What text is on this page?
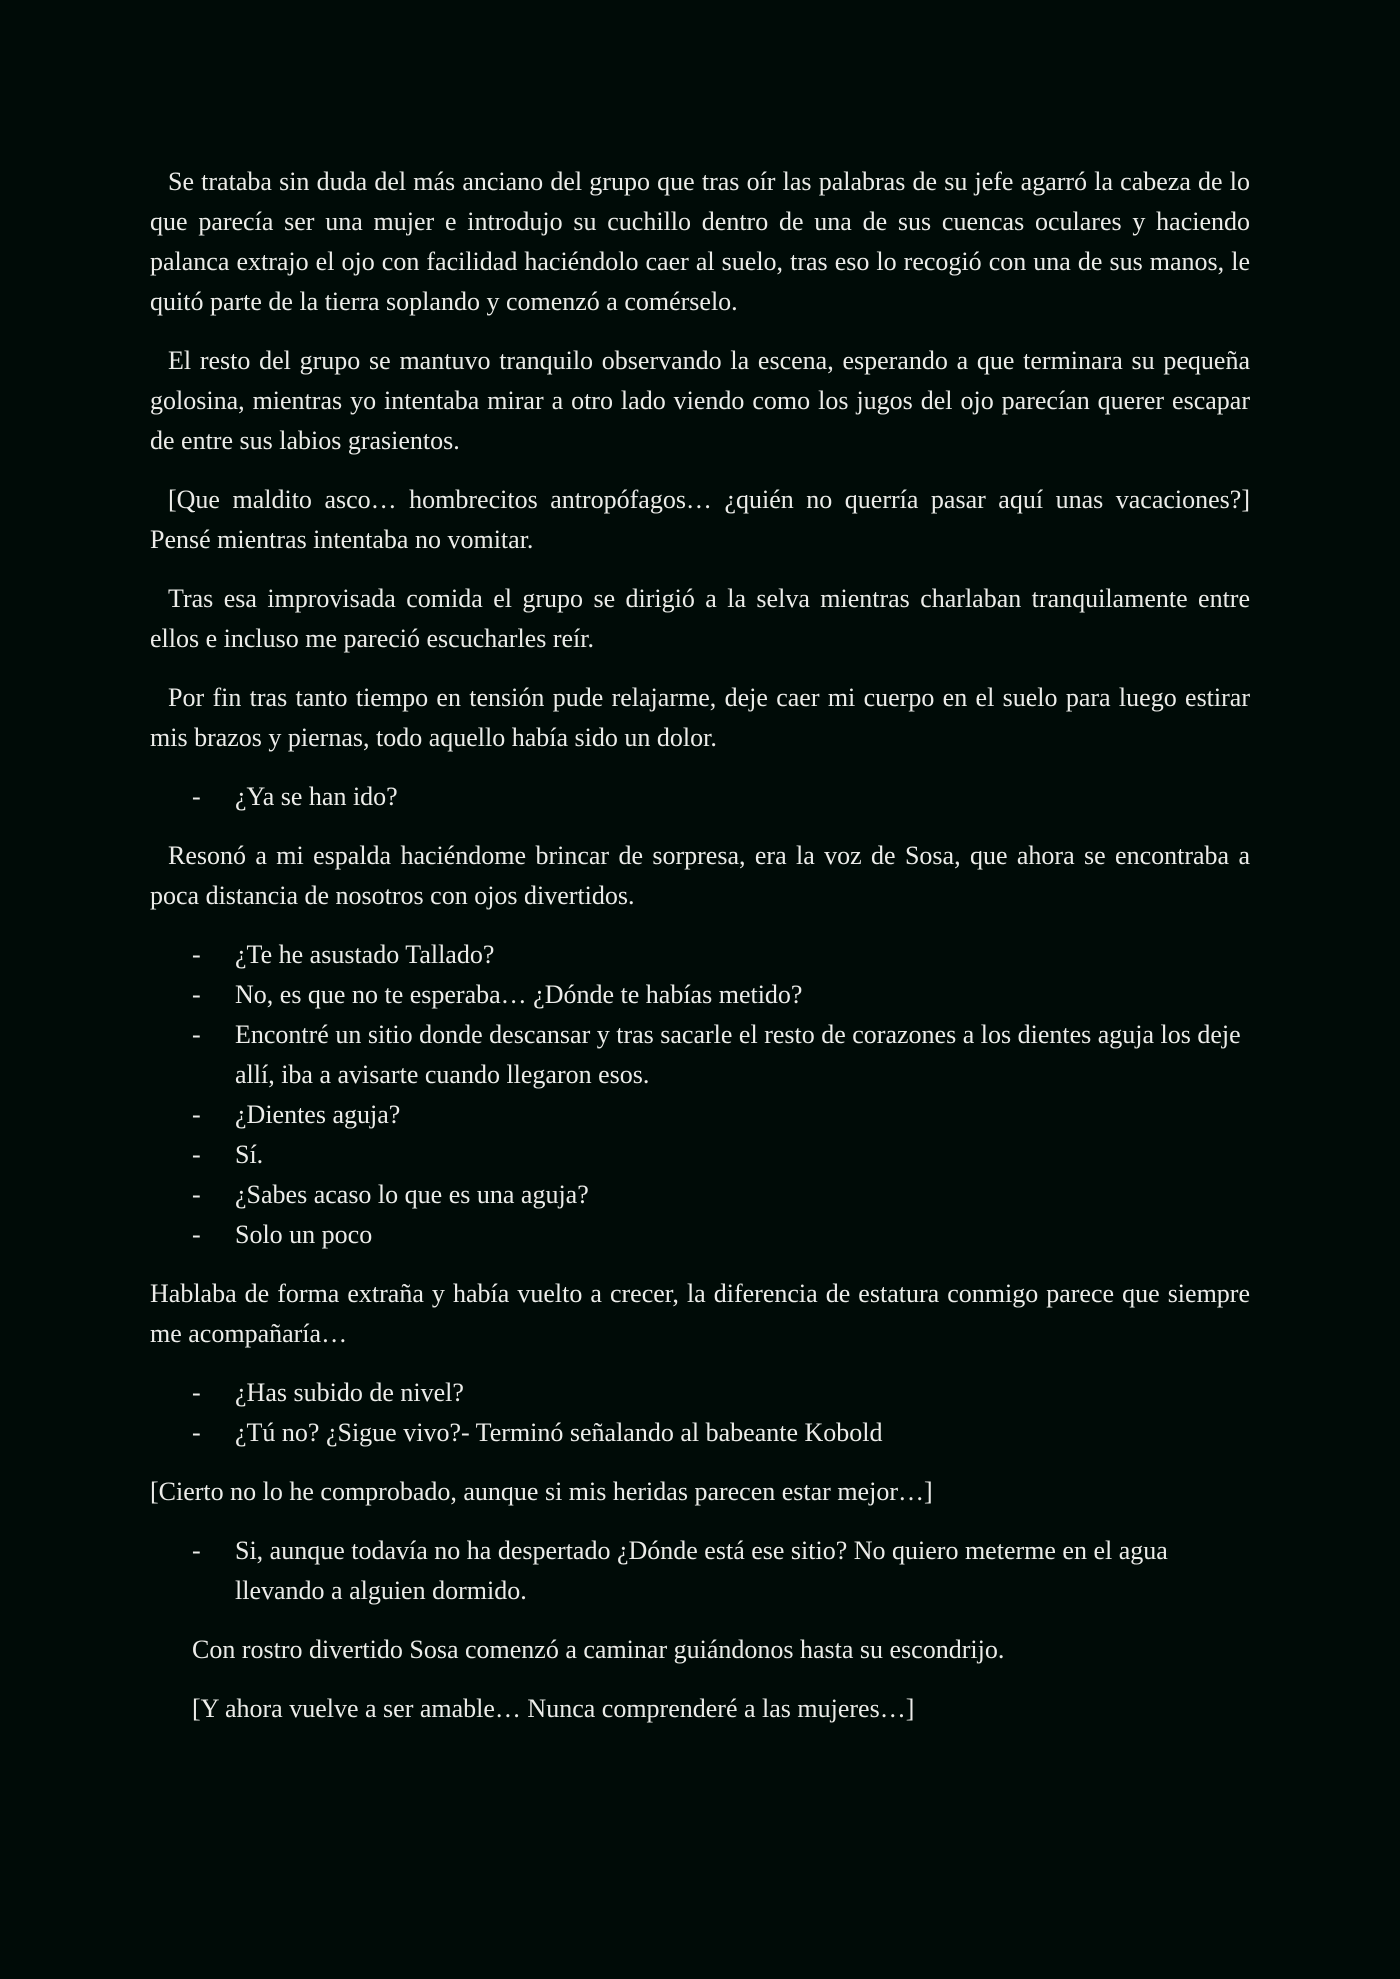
Se trataba sin duda del más anciano del grupo que tras oír las palabras de su jefe agarró la cabeza de lo que parecía ser una mujer e introdujo su cuchillo dentro de una de sus cuencas oculares y haciendo palanca extrajo el ojo con facilidad haciéndolo caer al suelo, tras eso lo recogió con una de sus manos, le quitó parte de la tierra soplando y comenzó a comérselo.

El resto del grupo se mantuvo tranquilo observando la escena, esperando a que terminara su pequeña golosina, mientras yo intentaba mirar a otro lado viendo como los jugos del ojo parecían querer escapar de entre sus labios grasientos.

[Que maldito asco… hombrecitos antropófagos… ¿quién no querría pasar aquí unas vacaciones?] Pensé mientras intentaba no vomitar.

Tras esa improvisada comida el grupo se dirigió a la selva mientras charlaban tranquilamente entre ellos e incluso me pareció escucharles reír.

Por fin tras tanto tiempo en tensión pude relajarme, deje caer mi cuerpo en el suelo para luego estirar mis brazos y piernas, todo aquello había sido un dolor.

- ¿Ya se han ido?

Resonó a mi espalda haciéndome brincar de sorpresa, era la voz de Sosa, que ahora se encontraba a poca distancia de nosotros con ojos divertidos.

- ¿Te he asustado Tallado?
- No, es que no te esperaba… ¿Dónde te habías metido?
- Encontré un sitio donde descansar y tras sacarle el resto de corazones a los dientes aguja los deje allí, iba a avisarte cuando llegaron esos.
- ¿Dientes aguja?
- Sí.
- ¿Sabes acaso lo que es una aguja?
- Solo un poco

Hablaba de forma extraña y había vuelto a crecer, la diferencia de estatura conmigo parece que siempre me acompañaría…

- ¿Has subido de nivel?
- ¿Tú no? ¿Sigue vivo?- Terminó señalando al babeante Kobold

[Cierto no lo he comprobado, aunque si mis heridas parecen estar mejor…]

- Si, aunque todavía no ha despertado ¿Dónde está ese sitio? No quiero meterme en el agua llevando a alguien dormido.

Con rostro divertido Sosa comenzó a caminar guiándonos hasta su escondrijo.

[Y ahora vuelve a ser amable… Nunca comprenderé a las mujeres…]
